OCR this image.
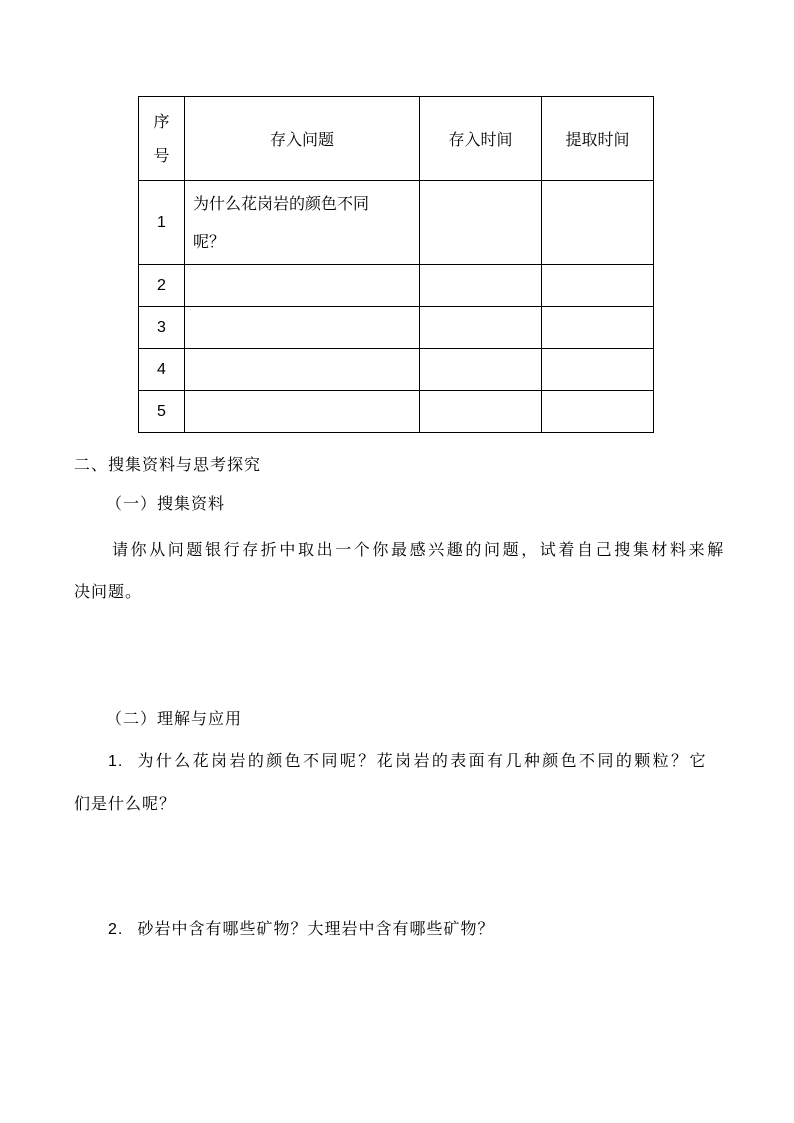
序
号	存入问题	存入时间	提取时间
1	为什么花岗岩的颜色不同
呢？		

2			
3			
4			
5			
二、搜集资料与思考探究
（一）搜集资料
请你从问题银行存折中取出一个你最感兴趣的问题，试着自己搜集材料来解
决问题。
（二）理解与应用
1. 为什么花岗岩的颜色不同呢？花岗岩的表面有几种颜色不同的颗粒？它
们是什么呢？
2. 砂岩中含有哪些矿物？大理岩中含有哪些矿物？
